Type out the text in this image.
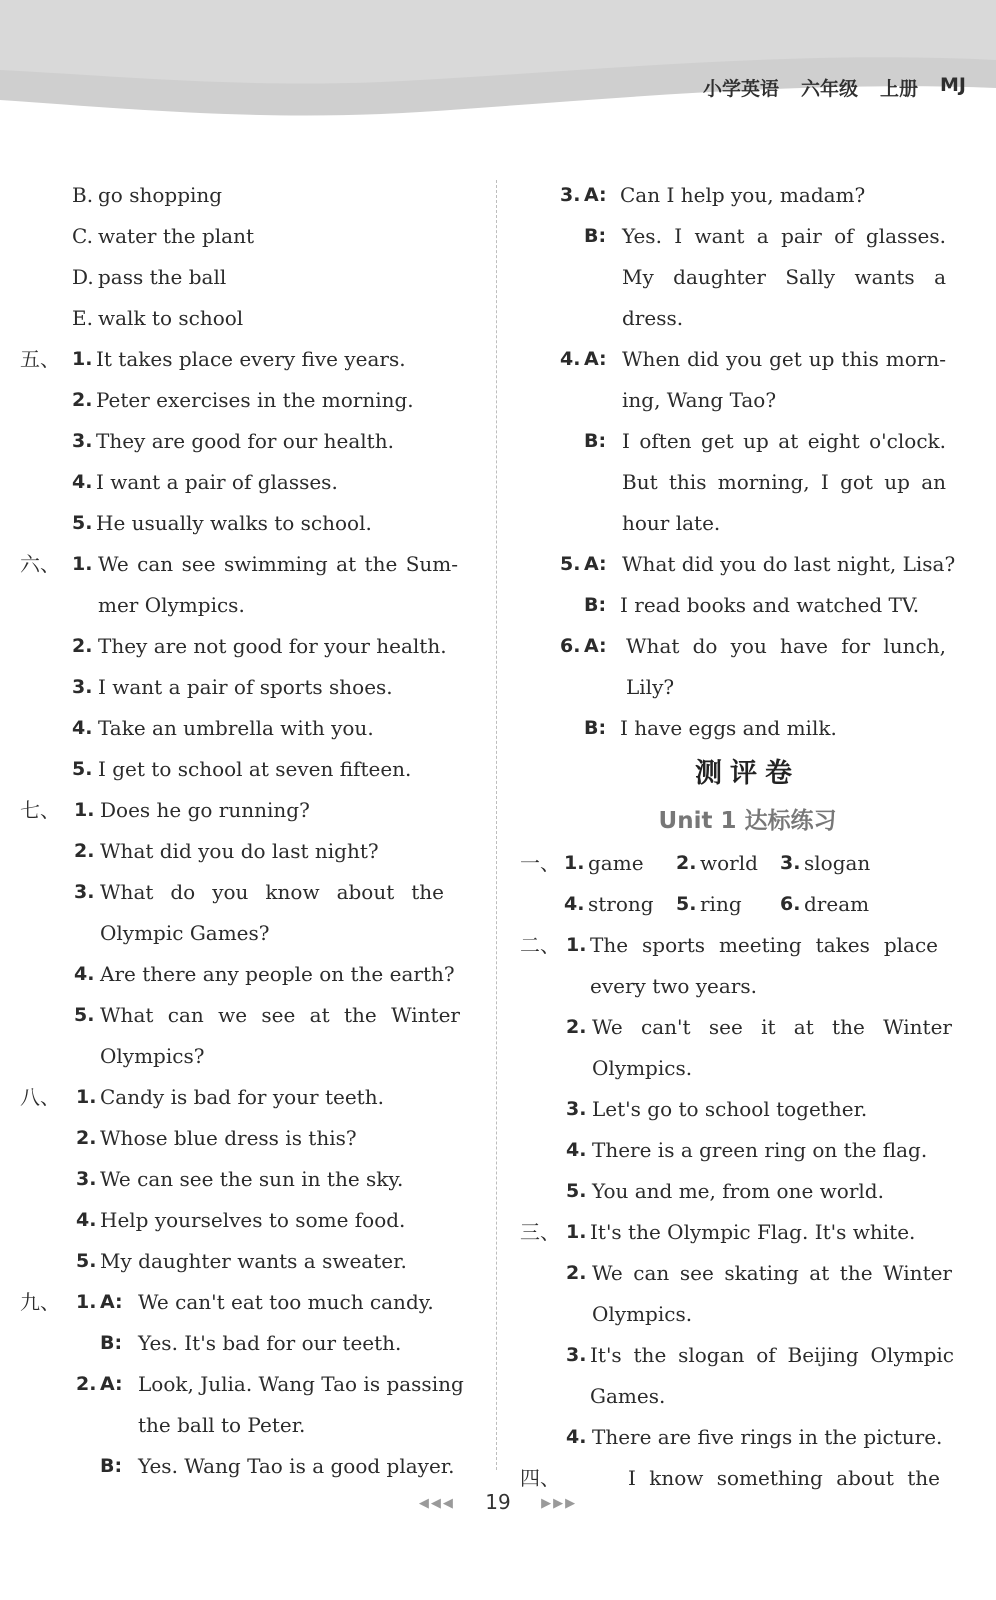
小学英语 六年级 上册 MJ
B. go shopping
C. water the plant
D. pass the ball
E. walk to school
五、 1. It takes place every five years.
2. Peter exercises in the morning.
3. They are good for our health.
4. I want a pair of glasses.
5. He usually walks to school.
六、 1. We can see swimming at the Sum-
mer Olympics.
2. They are not good for your health.
3. I want a pair of sports shoes.
4. Take an umbrella with you.
5. I get to school at seven fifteen.
七、 1. Does he go running?
2. What did you do last night?
3. What do you know about the
Olympic Games?
4. Are there any people on the earth?
5. What can we see at the Winter
Olympics?
八、 1. Candy is bad for your teeth.
2. Whose blue dress is this?
3. We can see the sun in the sky.
4. Help yourselves to some food.
5. My daughter wants a sweater.
九、 1. A: We can't eat too much candy.
B: Yes. It's bad for our teeth.
2. A: Look, Julia. Wang Tao is passing
the ball to Peter.
B: Yes. Wang Tao is a good player.
3. A: Can I help you, madam?
B: Yes. I want a pair of glasses.
My daughter Sally wants a
dress.
4. A: When did you get up this morn-
ing, Wang Tao?
B: I often get up at eight o'clock.
But this morning, I got up an
hour late.
5. A: What did you do last night, Lisa?
B: I read books and watched TV.
6. A: What do you have for lunch,
Lily?
B: I have eggs and milk.
测评卷
Unit 1 达标练习
一、 1. game 2. world 3. slogan
4. strong 5. ring 6. dream
二、 1. The sports meeting takes place
every two years.
2. We can't see it at the Winter
Olympics.
3. Let's go to school together.
4. There is a green ring on the flag.
5. You and me, from one world.
三、 1. It's the Olympic Flag. It's white.
2. We can see skating at the Winter
Olympics.
3. It's the slogan of Beijing Olympic
Games.
4. There are five rings in the picture.
四、	I know something about the
◀◀◀ 19 ▶▶▶
